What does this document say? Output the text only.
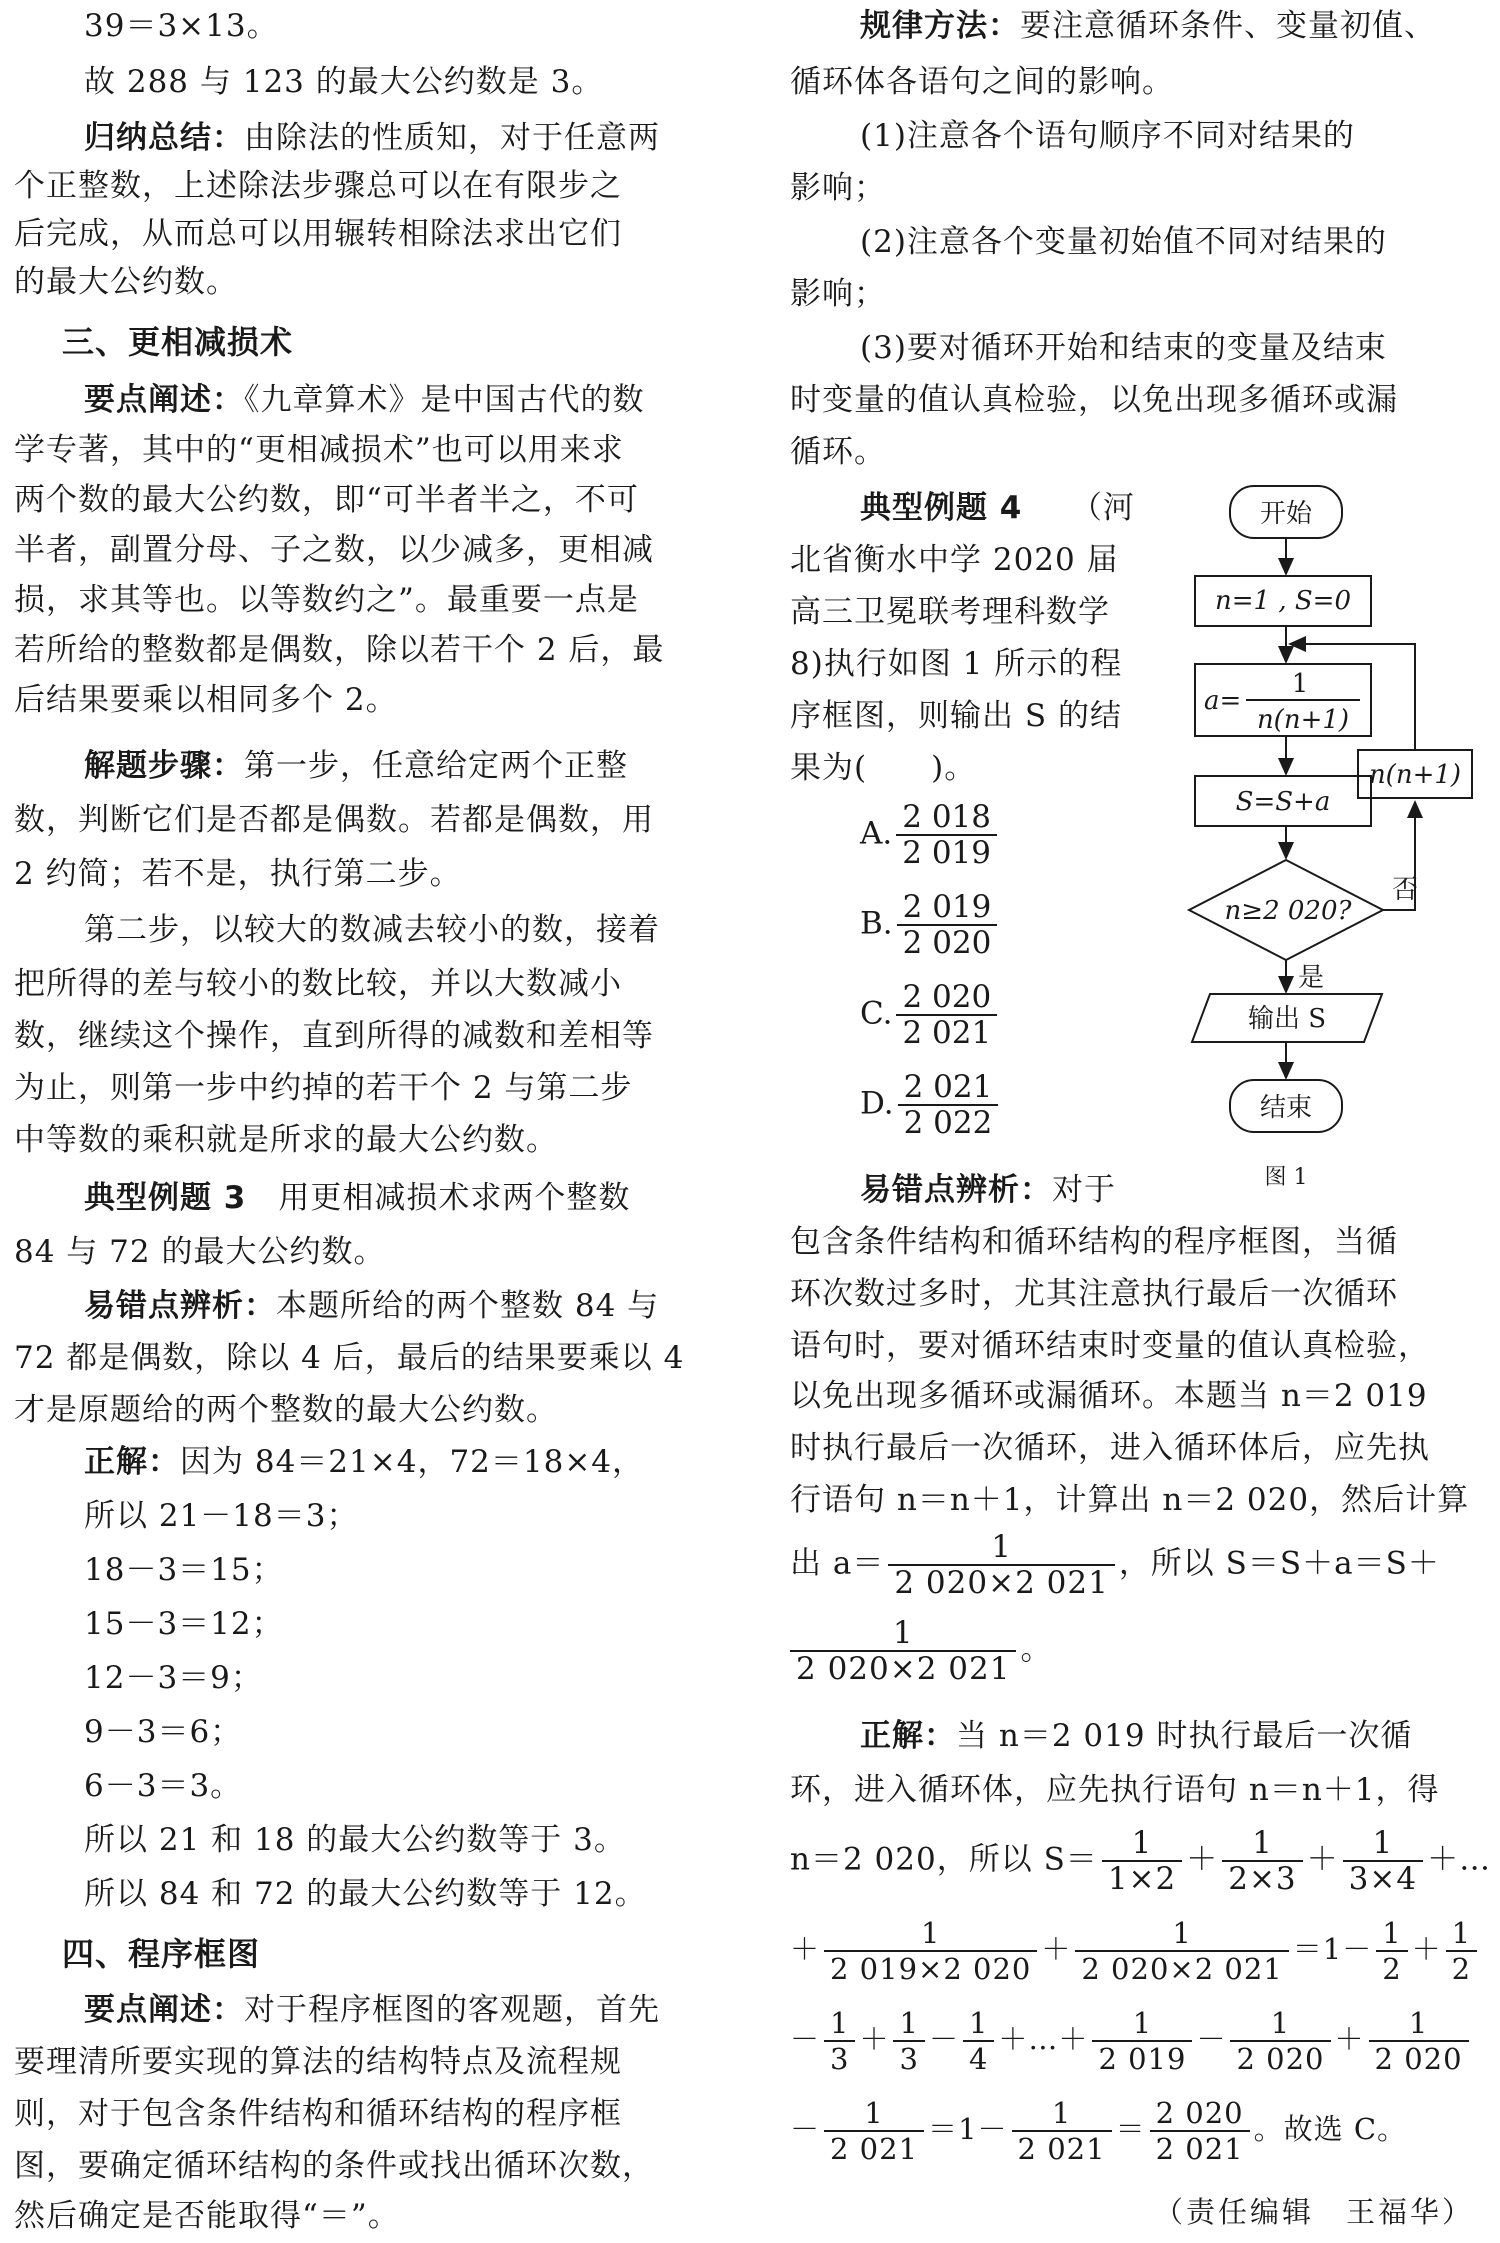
39＝3×13。
故 288 与 123 的最大公约数是 3。
归纳总结：由除法的性质知，对于任意两
个正整数，上述除法步骤总可以在有限步之
后完成，从而总可以用辗转相除法求出它们
的最大公约数。
三、更相减损术
要点阐述：《九章算术》是中国古代的数
学专著，其中的“更相减损术”也可以用来求
两个数的最大公约数，即“可半者半之，不可
半者，副置分母、子之数，以少减多，更相减
损，求其等也。以等数约之”。最重要一点是
若所给的整数都是偶数，除以若干个 2 后，最
后结果要乘以相同多个 2。
解题步骤：第一步，任意给定两个正整
数，判断它们是否都是偶数。若都是偶数，用
2 约简；若不是，执行第二步。
第二步，以较大的数减去较小的数，接着
把所得的差与较小的数比较，并以大数减小
数，继续这个操作，直到所得的减数和差相等
为止，则第一步中约掉的若干个 2 与第二步
中等数的乘积就是所求的最大公约数。
典型例题 3　 用更相减损术求两个整数
84 与 72 的最大公约数。
易错点辨析：本题所给的两个整数 84 与
72 都是偶数，除以 4 后，最后的结果要乘以 4
才是原题给的两个整数的最大公约数。
正解：因为 84＝21×4，72＝18×4，
所以 21－18＝3；
18－3＝15；
15－3＝12；
12－3＝9；
9－3＝6；
6－3＝3。
所以 21 和 18 的最大公约数等于 3。
所以 84 和 72 的最大公约数等于 12。
四、程序框图
要点阐述：对于程序框图的客观题，首先
要理清所要实现的算法的结构特点及流程规
则，对于包含条件结构和循环结构的程序框
图，要确定循环结构的条件或找出循环次数，
然后确定是否能取得“＝”。
规律方法：要注意循环条件、变量初值、
循环体各语句之间的影响。
(1)注意各个语句顺序不同对结果的
影响；
(2)注意各个变量初始值不同对结果的
影响；
(3)要对循环开始和结束的变量及结束
时变量的值认真检验，以免出现多循环或漏
循环。
典型例题 4　　 （河
北省衡水中学 2020 届
高三卫冕联考理科数学
8)执行如图 1 所示的程
序框图，则输出 S 的结
果为(　　)。
A. $\frac{2 018}{2 019}$
B. $\frac{2 019}{2 020}$
C. $\frac{2 020}{2 021}$
D. $\frac{2 021}{2 022}$
易错点辨析：对于
包含条件结构和循环结构的程序框图，当循
环次数过多时，尤其注意执行最后一次循环
语句时，要对循环结束时变量的值认真检验，
以免出现多循环或漏循环。本题当 n＝2 019
时执行最后一次循环，进入循环体后，应先执
行语句 n＝n＋1，计算出 n＝2 020，然后计算
出 $a= \frac{1}{2 020\times 2 021}$ ，所以 S＝S＋a＝S＋
$\frac{1}{2 020\times 2 021}$ 。
正解：当 n＝2 019 时执行最后一次循
环，进入循环体，应先执行语句 n＝n＋1，得
n＝2 020，所以 $S= \frac{1}{1\times 2} + \frac{1}{2\times 3} + \frac{1}{3\times 4}$ ＋…
＋ $\frac{1}{2 019\times 2 020} + \frac{1}{2 020\times 2 021} =1- \frac{1}{2} + \frac{1}{2}$
－ $\frac{1}{3} + \frac{1}{3} - \frac{1}{4}$ ＋…＋ $\frac{1}{2 019} - \frac{1}{2 020} + \frac{1}{2 020}$
－ $\frac{1}{2 021} =1- \frac{1}{2 021} = \frac{2 020}{2 021}$ 。故选 C。
开始
n=1 , S=0
a=
1
n(n+1)
S=S+a
n(n+1)
n≥2 020?
否
是
输出 S
结束
图 1
（责任编辑　王福华）
